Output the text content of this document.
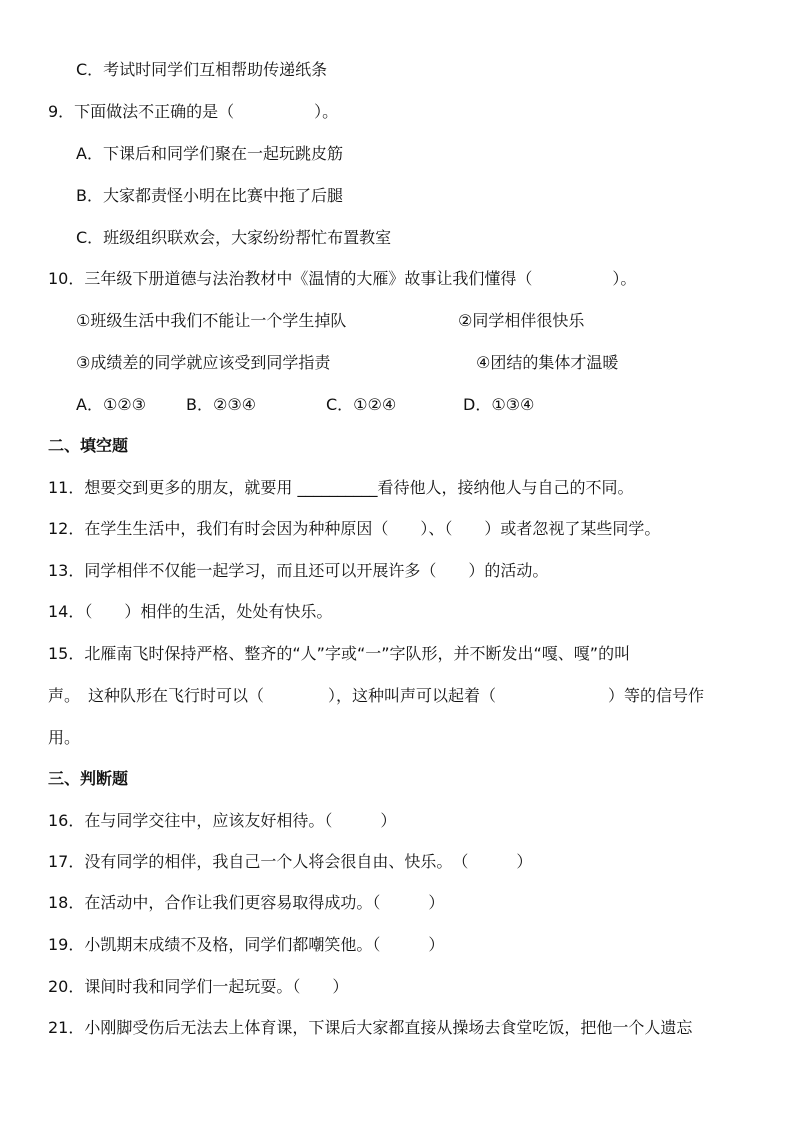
C．考试时同学们互相帮助传递纸条
9．下面做法不正确的是（　　　　　）。
A．下课后和同学们聚在一起玩跳皮筋
B．大家都责怪小明在比赛中拖了后腿
C．班级组织联欢会，大家纷纷帮忙布置教室
10．三年级下册道德与法治教材中《温情的大雁》故事让我们懂得（　　　　　）。
①班级生活中我们不能让一个学生掉队	②同学相伴很快乐
③成绩差的同学就应该受到同学指责	④团结的集体才温暖
A．①②③	B．②③④	C．①②④	D．①③④
二、填空题
11．想要交到更多的朋友，就要用 __________看待他人，接纳他人与自己的不同。
12．在学生生活中，我们有时会因为种种原因（　　）、（　　）或者忽视了某些同学。
13．同学相伴不仅能一起学习，而且还可以开展许多（　　）的活动。
14．（　　）相伴的生活，处处有快乐。
15．北雁南飞时保持严格、整齐的“人”字或“一”字队形，并不断发出“嘎、嘎”的叫
声。　这种队形在飞行时可以（　　　　），这种叫声可以起着（　　　　　　　）等的信号作
用。
三、判断题
16．在与同学交往中，应该友好相待。（　　　）
17．没有同学的相伴，我自己一个人将会很自由、快乐。　（　　　）
18．在活动中，合作让我们更容易取得成功。（　　　）
19．小凯期末成绩不及格，同学们都嘲笑他。（　　　）
20．课间时我和同学们一起玩耍。（　　）
21．小刚脚受伤后无法去上体育课，下课后大家都直接从操场去食堂吃饭，把他一个人遗忘
